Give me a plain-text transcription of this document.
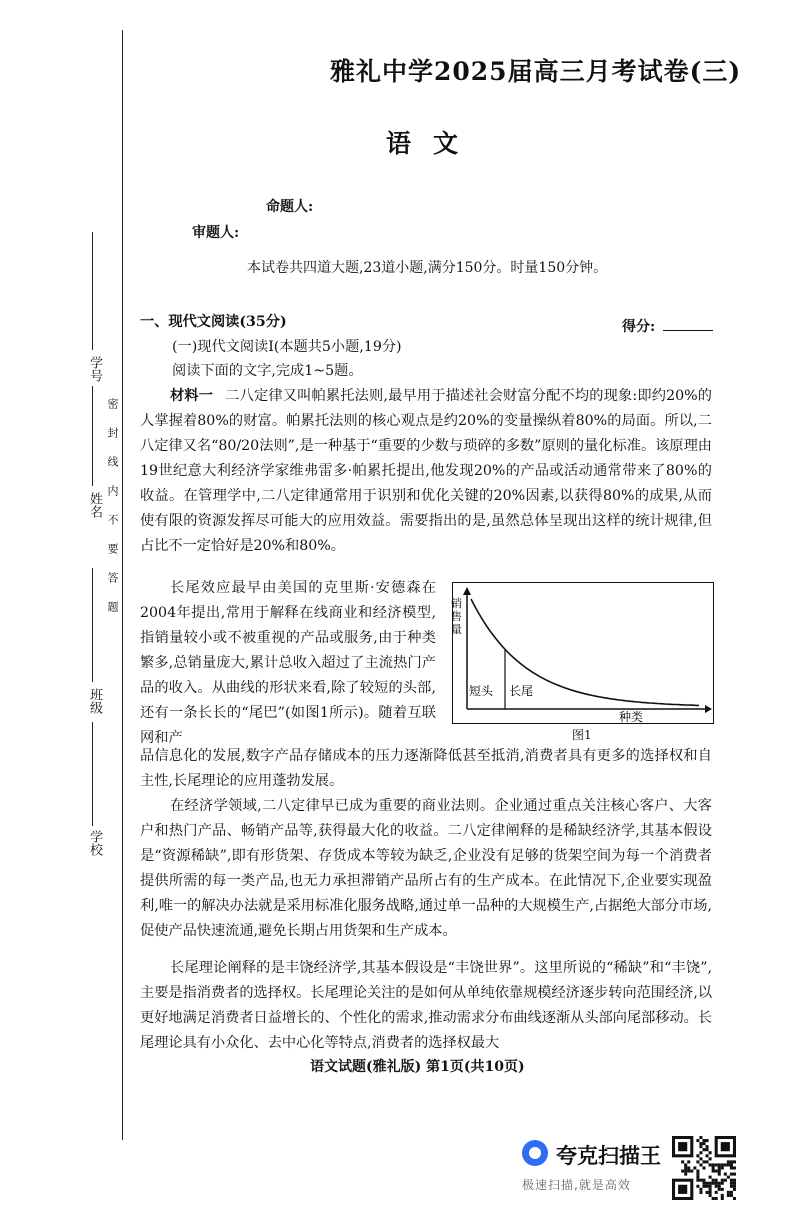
学号
姓名
班级
学校
密封线内不要答题
雅礼中学2025届高三月考试卷(三)
语文
命题人:
审题人:
本试卷共四道大题,23道小题,满分150分。时量150分钟。
得分:
一、现代文阅读(35分)
(一)现代文阅读Ⅰ(本题共5小题,19分)
阅读下面的文字,完成1~5题。
材料一 二八定律又叫帕累托法则,最早用于描述社会财富分配不均的现象:即约20%的人掌握着80%的财富。帕累托法则的核心观点是约20%的变量操纵着80%的局面。所以,二八定律又名“80/20法则”,是一种基于“重要的少数与琐碎的多数”原则的量化标准。该原理由19世纪意大利经济学家维弗雷多·帕累托提出,他发现20%的产品或活动通常带来了80%的收益。在管理学中,二八定律通常用于识别和优化关键的20%因素,以获得80%的成果,从而使有限的资源发挥尽可能大的应用效益。需要指出的是,虽然总体呈现出这样的统计规律,但占比不一定恰好是20%和80%。
长尾效应最早由美国的克里斯·安德森在2004年提出,常用于解释在线商业和经济模型,指销量较小或不被重视的产品或服务,由于种类繁多,总销量庞大,累计总收入超过了主流热门产品的收入。从曲线的形状来看,除了较短的头部,还有一条长长的“尾巴”(如图1所示)。随着互联网和产
短头 长尾
种类
销售量
图1
品信息化的发展,数字产品存储成本的压力逐渐降低甚至抵消,消费者具有更多的选择权和自主性,长尾理论的应用蓬勃发展。
在经济学领域,二八定律早已成为重要的商业法则。企业通过重点关注核心客户、大客户和热门产品、畅销产品等,获得最大化的收益。二八定律阐释的是稀缺经济学,其基本假设是“资源稀缺”,即有形货架、存货成本等较为缺乏,企业没有足够的货架空间为每一个消费者提供所需的每一类产品,也无力承担滞销产品所占有的生产成本。在此情况下,企业要实现盈利,唯一的解决办法就是采用标准化服务战略,通过单一品种的大规模生产,占据绝大部分市场,促使产品快速流通,避免长期占用货架和生产成本。
长尾理论阐释的是丰饶经济学,其基本假设是“丰饶世界”。这里所说的“稀缺”和“丰饶”,主要是指消费者的选择权。长尾理论关注的是如何从单纯依靠规模经济逐步转向范围经济,以更好地满足消费者日益增长的、个性化的需求,推动需求分布曲线逐渐从头部向尾部移动。长尾理论具有小众化、去中心化等特点,消费者的选择权最大
语文试题(雅礼版) 第1页(共10页)
夸克扫描王
极速扫描,就是高效
